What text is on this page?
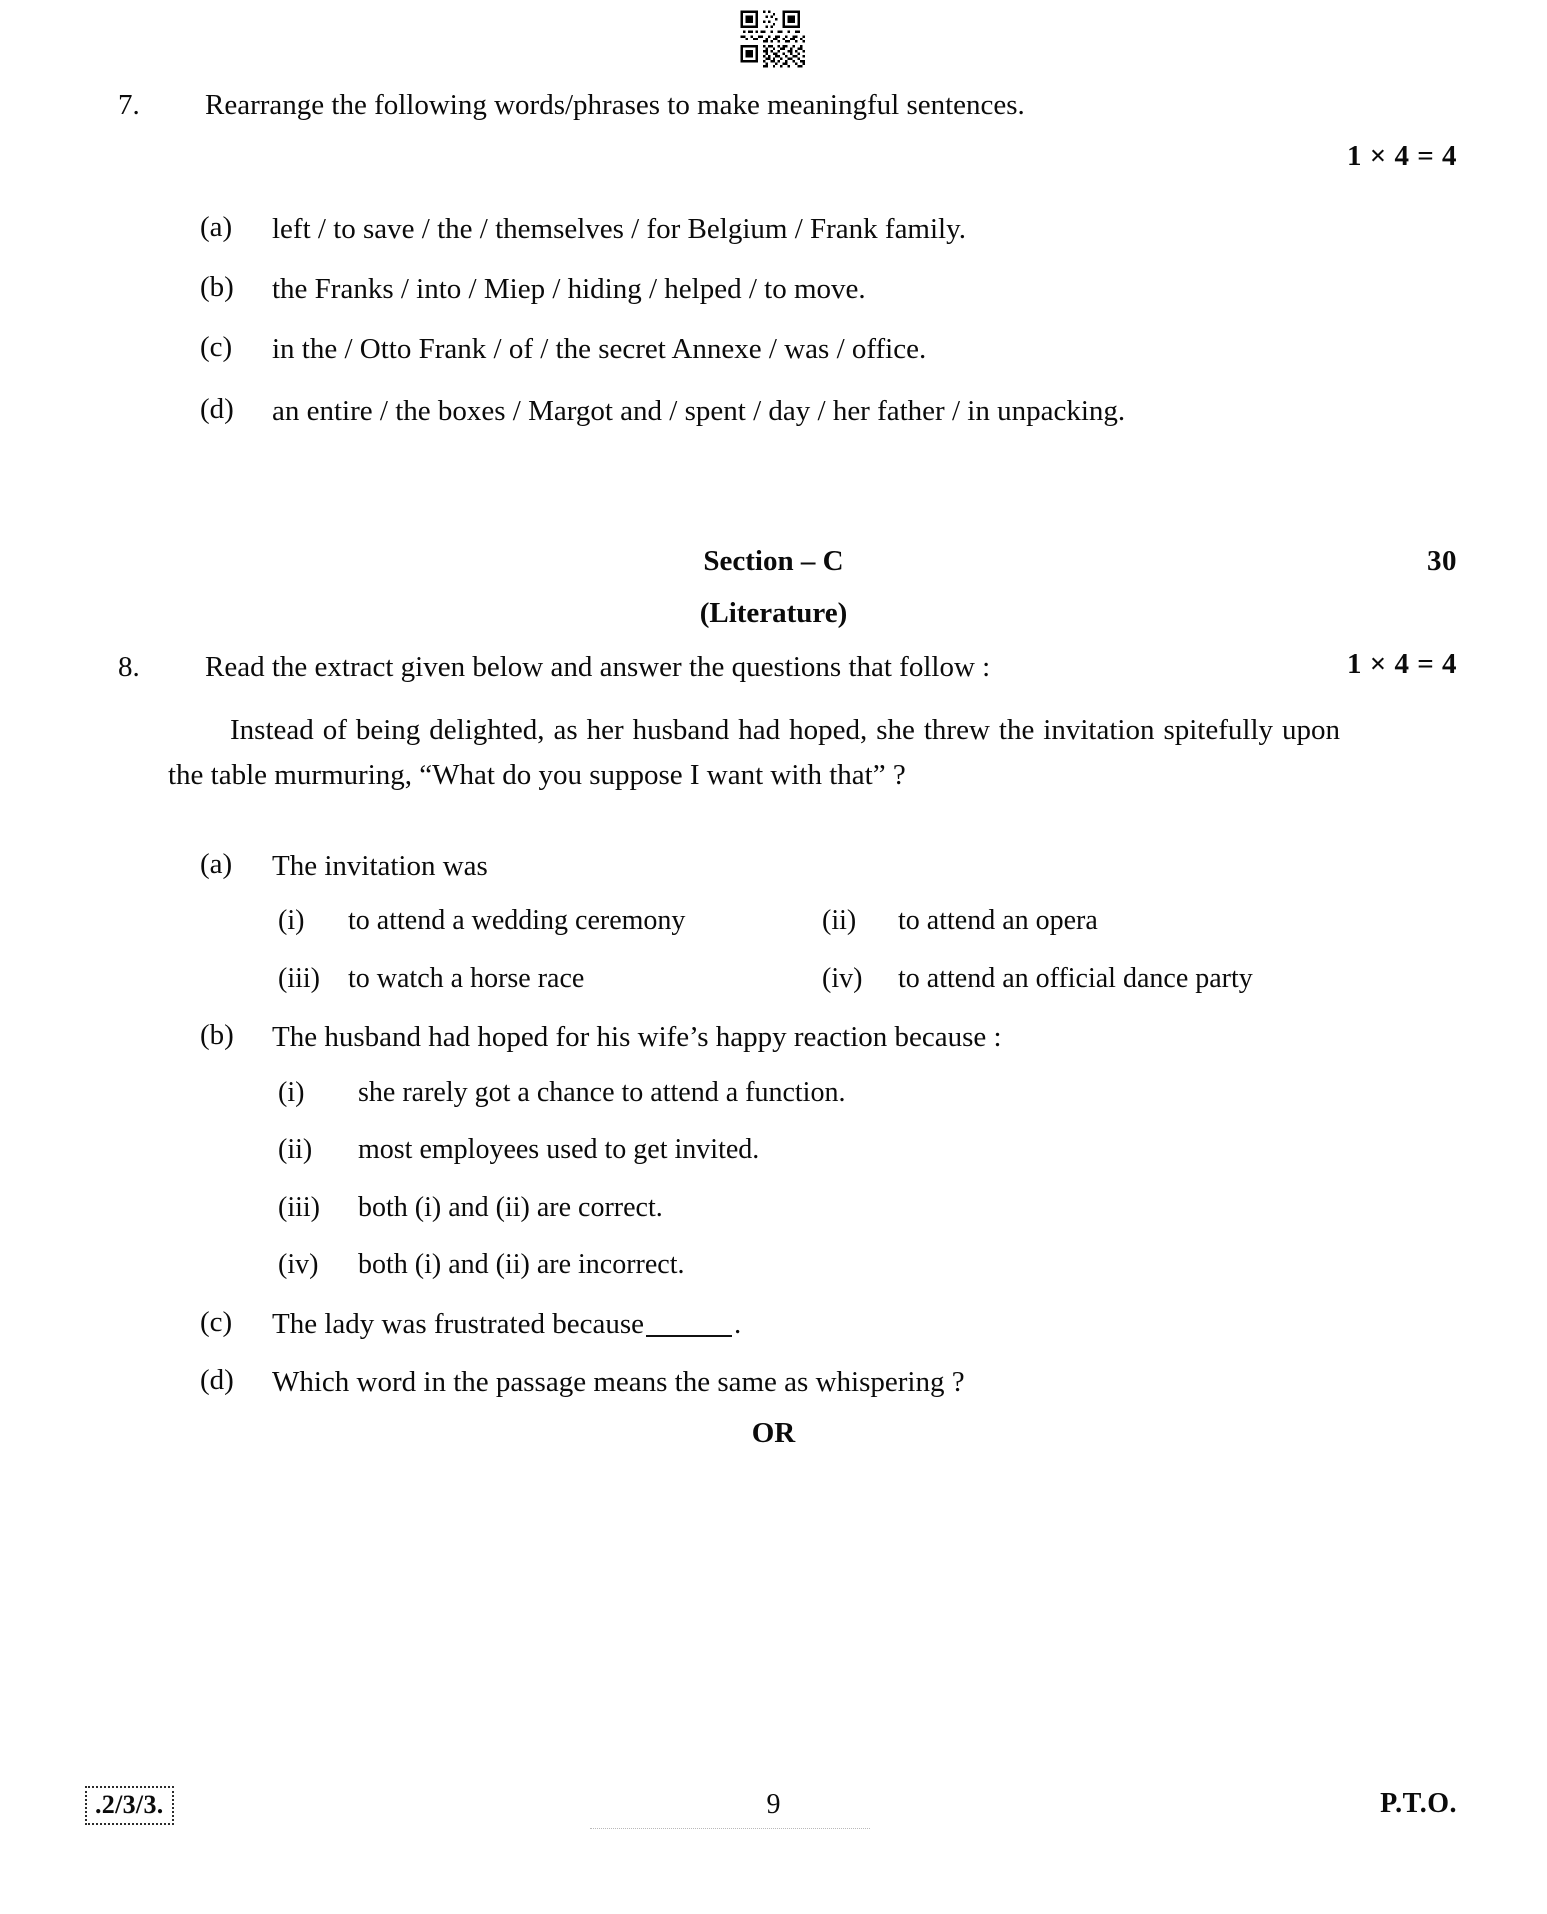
7.	Rearrange the following words/phrases to make meaningful sentences.
1 × 4 = 4
(a)	left / to save / the / themselves / for Belgium / Frank family.
(b)	the Franks / into / Miep / hiding / helped / to move.
(c)	in the / Otto Frank / of / the secret Annexe / was / office.
(d)	an entire / the boxes / Margot and / spent / day / her father / in unpacking.
Section – C	30
(Literature)
8.	Read the extract given below and answer the questions that follow :	1 × 4 = 4
Instead of being delighted, as her husband had hoped, she threw the invitation spitefully upon the table murmuring, “What do you suppose I want with that” ?
(a)	The invitation was
(i)	to attend a wedding ceremony	(ii)	to attend an opera
(iii)	to watch a horse race	(iv)	to attend an official dance party
(b)	The husband had hoped for his wife’s happy reaction because :
(i)	she rarely got a chance to attend a function.
(ii)	most employees used to get invited.
(iii)	both (i) and (ii) are correct.
(iv)	both (i) and (ii) are incorrect.
(c)	The lady was frustrated because	.
(d)	Which word in the passage means the same as whispering ?
OR
.2/3/3.	9	P.T.O.
